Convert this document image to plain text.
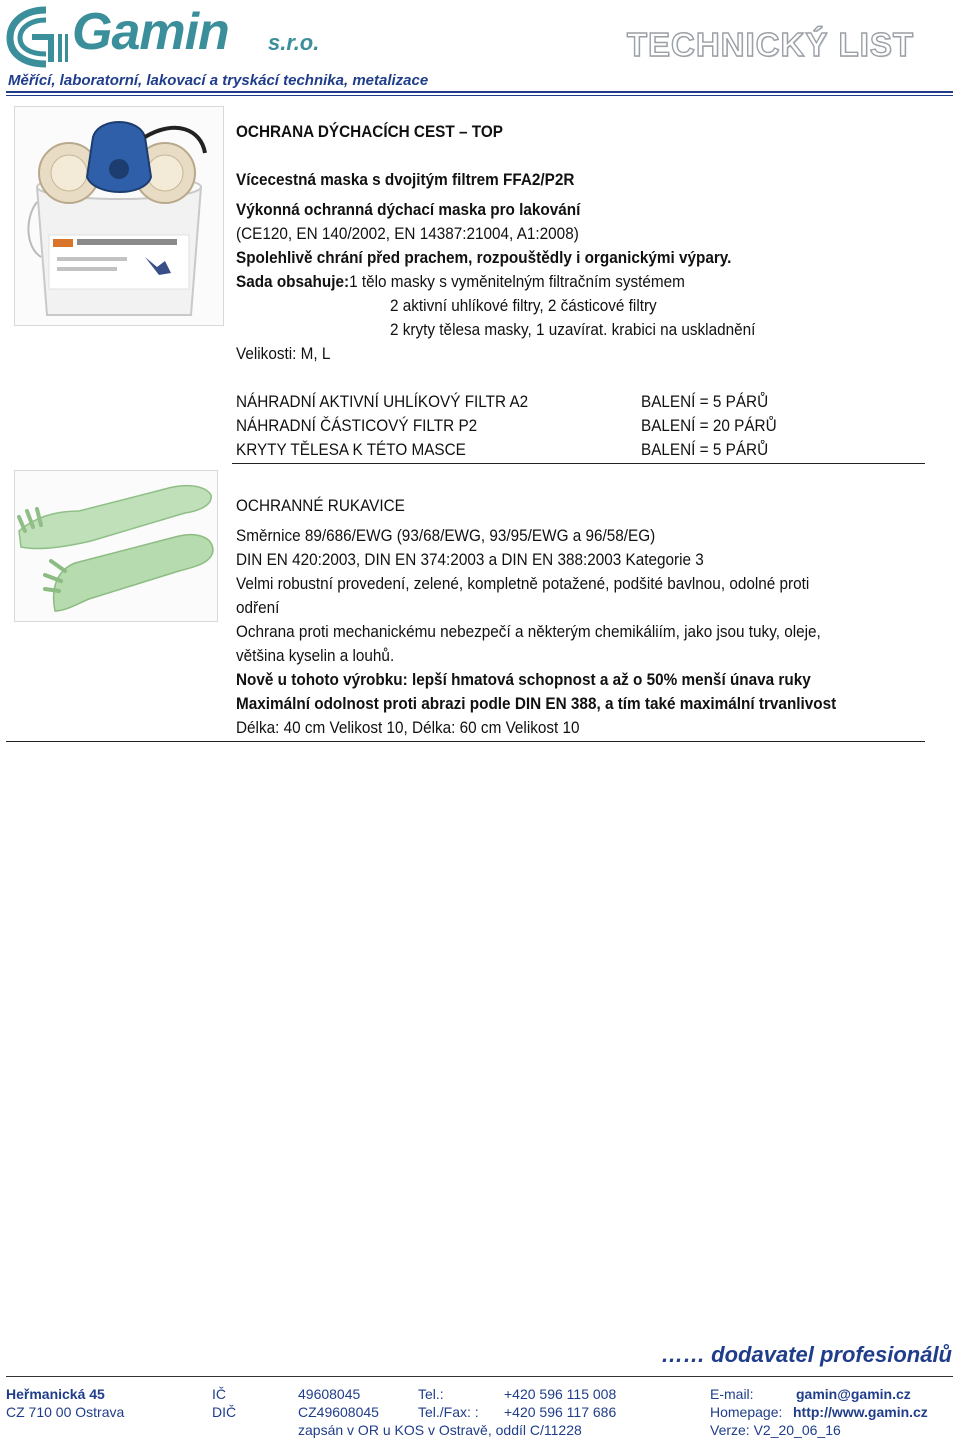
Gamin s.r.o.	TECHNICKÝ LIST
Měřící, laboratorní, lakovací a tryskácí technika, metalizace
OCHRANA DÝCHACÍCH CEST – TOP
Vícecestná maska s dvojitým filtrem FFA2/P2R
Výkonná ochranná dýchací maska pro lakování
(CE120, EN 140/2002, EN 14387:21004, A1:2008)
Spolehlivě chrání před prachem, rozpouštědly i organickými výpary.
Sada obsahuje:1 tělo masky s vyměnitelným filtračním systémem
2 aktivní uhlíkové filtry, 2 částicové filtry
2 kryty tělesa masky, 1 uzavírat. krabici na uskladnění
Velikosti: M, L
NÁHRADNÍ AKTIVNÍ UHLÍKOVÝ FILTR A2	BALENÍ = 5 PÁRŮ
NÁHRADNÍ ČÁSTICOVÝ FILTR P2	BALENÍ = 20 PÁRŮ
KRYTY TĚLESA K TÉTO MASCE	BALENÍ = 5 PÁRŮ
OCHRANNÉ RUKAVICE
Směrnice 89/686/EWG (93/68/EWG, 93/95/EWG a 96/58/EG)
DIN EN 420:2003, DIN EN 374:2003 a DIN EN 388:2003 Kategorie 3
Velmi robustní provedení, zelené, kompletně potažené, podšité bavlnou, odolné proti
odření
Ochrana proti mechanickému nebezpečí a některým chemikáliím, jako jsou tuky, oleje,
většina kyselin a louhů.
Nově u tohoto výrobku: lepší hmatová schopnost a až o 50% menší únava ruky
Maximální odolnost proti abrazi podle DIN EN 388, a tím také maximální trvanlivost
Délka: 40 cm Velikost 10, Délka: 60 cm Velikost 10
…… dodavatel profesionálů
Heřmanická 45
CZ 710 00 Ostrava
IČ	49608045
DIČ	CZ49608045
Tel.:	+420 596 115 008
Tel./Fax: : +420 596 117 686
zapsán v OR u KOS v Ostravě, oddíl C/11228
E-mail:	gamin@gamin.cz
Homepage: http://www.gamin.cz
Verze: V2_20_06_16
